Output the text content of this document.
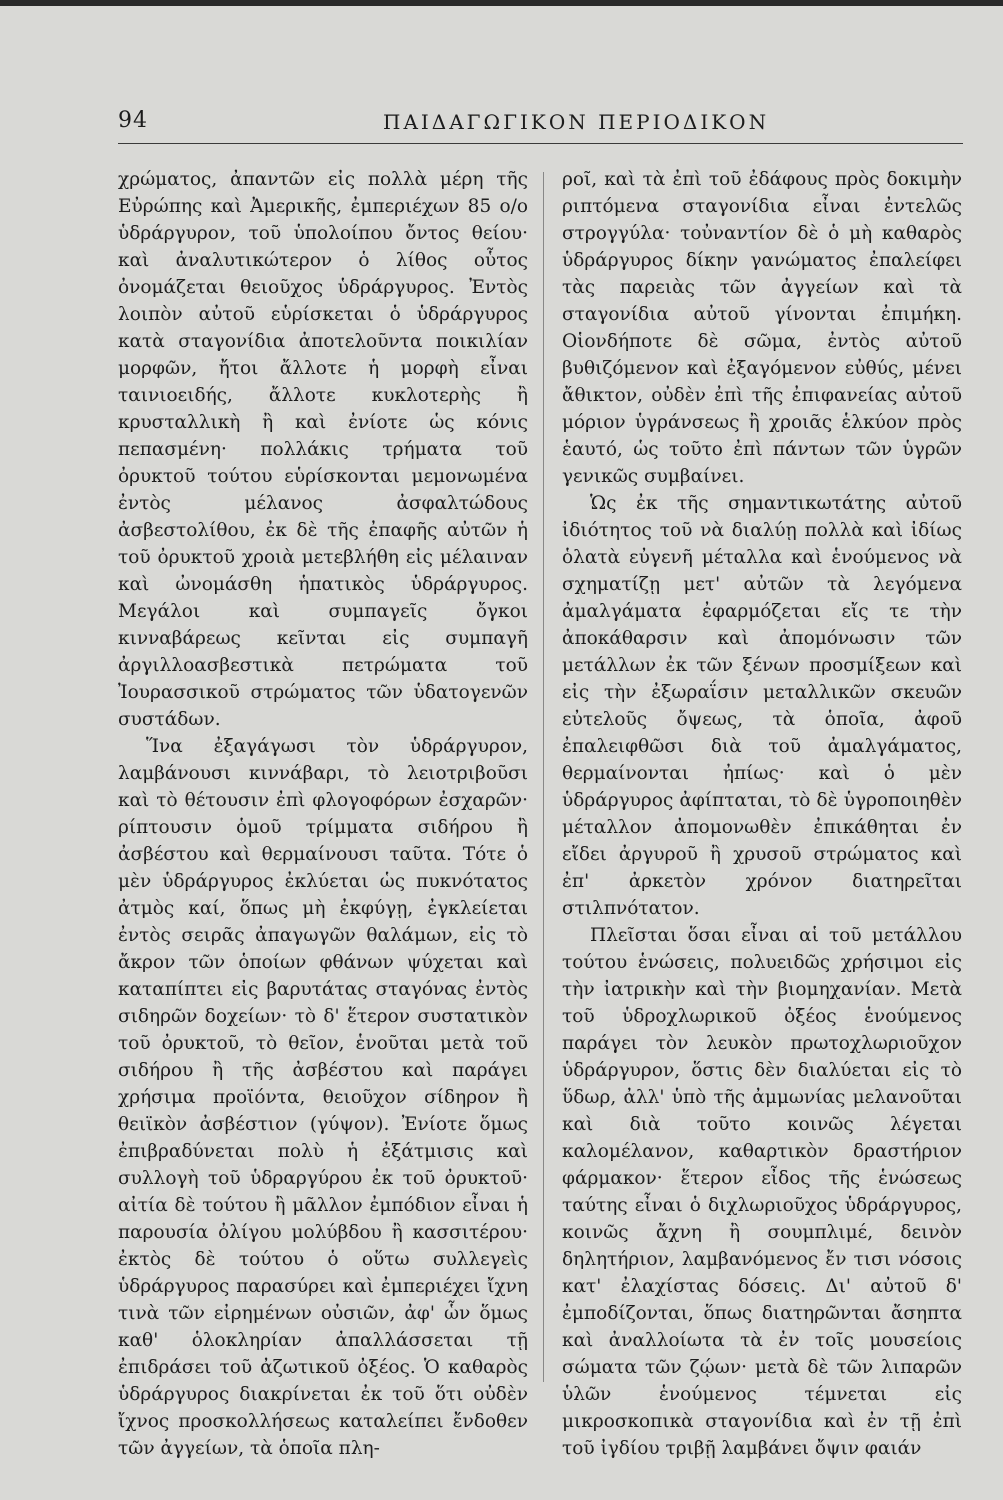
94	ΠΑΙΔΑΓΩΓΙΚΟΝ ΠΕΡΙΟΔΙΚΟΝ

χρώματος, ἀπαντῶν εἰς πολλὰ μέρη τῆς Εὐρώπης καὶ Ἀμερικῆς, ἐμπεριέχων 85 ο/ο ὑδράργυρον, τοῦ ὑπολοίπου ὄντος θείου· καὶ ἀναλυτικώτερον ὁ λίθος οὗτος ὀνομάζεται θειοῦχος ὑδράργυρος. Ἐντὸς λοιπὸν αὐτοῦ εὑρίσκεται ὁ ὑδράργυρος κατὰ σταγονίδια ἀποτελοῦντα ποικιλίαν μορφῶν, ἤτοι ἄλλοτε ἡ μορφὴ εἶναι ταινιοειδής, ἄλλοτε κυκλοτερὴς ἢ κρυσταλλικὴ ἢ καὶ ἐνίοτε ὡς κόνις πεπασμένη· πολλάκις τρήματα τοῦ ὀρυκτοῦ τούτου εὑρίσκονται μεμονωμένα ἐντὸς μέλανος ἀσφαλτώδους ἀσβεστολίθου, ἐκ δὲ τῆς ἐπαφῆς αὐτῶν ἡ τοῦ ὀρυκτοῦ χροιὰ μετεβλήθη εἰς μέλαιναν καὶ ὠνομάσθη ἡπατικὸς ὑδράργυρος. Μεγάλοι καὶ συμπαγεῖς ὄγκοι κινναβάρεως κεῖνται εἰς συμπαγῆ ἀργιλλοασβεστικὰ πετρώματα τοῦ Ἰουρασσικοῦ στρώματος τῶν ὑδατογενῶν συστάδων.

Ἵνα ἐξαγάγωσι τὸν ὑδράργυρον, λαμβάνουσι κιννάβαρι, τὸ λειοτριβοῦσι καὶ τὸ θέτουσιν ἐπὶ φλογοφόρων ἐσχαρῶν· ρίπτουσιν ὁμοῦ τρίμματα σιδήρου ἢ ἀσβέστου καὶ θερμαίνουσι ταῦτα. Τότε ὁ μὲν ὑδράργυρος ἐκλύεται ὡς πυκνότατος ἀτμὸς καί, ὅπως μὴ ἐκφύγῃ, ἐγκλείεται ἐντὸς σειρᾶς ἀπαγωγῶν θαλάμων, εἰς τὸ ἄκρον τῶν ὁποίων φθάνων ψύχεται καὶ καταπίπτει εἰς βαρυτάτας σταγόνας ἐντὸς σιδηρῶν δοχείων· τὸ δ' ἕτερον συστατικὸν τοῦ ὀρυκτοῦ, τὸ θεῖον, ἑνοῦται μετὰ τοῦ σιδήρου ἢ τῆς ἀσβέστου καὶ παράγει χρήσιμα προϊόντα, θειοῦχον σίδηρον ἢ θειϊκὸν ἀσβέστιον (γύψον). Ἐνίοτε ὅμως ἐπιβραδύνεται πολὺ ἡ ἐξάτμισις καὶ συλλογὴ τοῦ ὑδραργύρου ἐκ τοῦ ὀρυκτοῦ· αἰτία δὲ τούτου ἢ μᾶλλον ἐμπόδιον εἶναι ἡ παρουσία ὀλίγου μολύβδου ἢ κασσιτέρου· ἐκτὸς δὲ τούτου ὁ οὕτω συλλεγεὶς ὑδράργυρος παρασύρει καὶ ἐμπεριέχει ἴχνη τινὰ τῶν εἰρημένων οὐσιῶν, ἀφ' ὧν ὅμως καθ' ὁλοκληρίαν ἀπαλλάσσεται τῇ ἐπιδράσει τοῦ ἀζωτικοῦ ὀξέος. Ὁ καθαρὸς ὑδράργυρος διακρίνεται ἐκ τοῦ ὅτι οὐδὲν ἴχνος προσκολλήσεως καταλείπει ἔνδοθεν τῶν ἀγγείων, τὰ ὁποῖα πλη-

ροῖ, καὶ τὰ ἐπὶ τοῦ ἐδάφους πρὸς δοκιμὴν ριπτόμενα σταγονίδια εἶναι ἐντελῶς στρογγύλα· τοὐναντίον δὲ ὁ μὴ καθαρὸς ὑδράργυρος δίκην γανώματος ἐπαλείφει τὰς παρειὰς τῶν ἀγγείων καὶ τὰ σταγονίδια αὐτοῦ γίνονται ἐπιμήκη. Οἱονδήποτε δὲ σῶμα, ἐντὸς αὐτοῦ βυθιζόμενον καὶ ἐξαγόμενον εὐθύς, μένει ἄθικτον, οὐδὲν ἐπὶ τῆς ἐπιφανείας αὐτοῦ μόριον ὑγράνσεως ἢ χροιᾶς ἑλκύον πρὸς ἑαυτό, ὡς τοῦτο ἐπὶ πάντων τῶν ὑγρῶν γενικῶς συμβαίνει.

Ὡς ἐκ τῆς σημαντικωτάτης αὐτοῦ ἰδιότητος τοῦ νὰ διαλύῃ πολλὰ καὶ ἰδίως ὁλατὰ εὐγενῆ μέταλλα καὶ ἑνούμενος νὰ σχηματίζῃ μετ' αὐτῶν τὰ λεγόμενα ἀμαλγάματα ἐφαρμόζεται εἴς τε τὴν ἀποκάθαρσιν καὶ ἀπομόνωσιν τῶν μετάλλων ἐκ τῶν ξένων προσμίξεων καὶ εἰς τὴν ἐξωραΐσιν μεταλλικῶν σκευῶν εὐτελοῦς ὄψεως, τὰ ὁποῖα, ἀφοῦ ἐπαλειφθῶσι διὰ τοῦ ἀμαλγάματος, θερμαίνονται ἠπίως· καὶ ὁ μὲν ὑδράργυρος ἀφίπταται, τὸ δὲ ὑγροποιηθὲν μέταλλον ἀπομονωθὲν ἐπικάθηται ἐν εἴδει ἀργυροῦ ἢ χρυσοῦ στρώματος καὶ ἐπ' ἀρκετὸν χρόνον διατηρεῖται στιλπνότατον.

Πλεῖσται ὅσαι εἶναι αἱ τοῦ μετάλλου τούτου ἑνώσεις, πολυειδῶς χρήσιμοι εἰς τὴν ἰατρικὴν καὶ τὴν βιομηχανίαν. Μετὰ τοῦ ὑδροχλωρικοῦ ὀξέος ἑνούμενος παράγει τὸν λευκὸν πρωτοχλωριοῦχον ὑδράργυρον, ὅστις δὲν διαλύεται εἰς τὸ ὕδωρ, ἀλλ' ὑπὸ τῆς ἀμμωνίας μελανοῦται καὶ διὰ τοῦτο κοινῶς λέγεται καλομέλανον, καθαρτικὸν δραστήριον φάρμακον· ἕτερον εἶδος τῆς ἑνώσεως ταύτης εἶναι ὁ διχλωριοῦχος ὑδράργυρος, κοινῶς ἄχνη ἢ σουμπλιμέ, δεινὸν δηλητήριον, λαμβανόμενος ἔν τισι νόσοις κατ' ἐλαχίστας δόσεις. Δι' αὐτοῦ δ' ἐμποδίζονται, ὅπως διατηρῶνται ἄσηπτα καὶ ἀναλλοίωτα τὰ ἐν τοῖς μουσείοις σώματα τῶν ζῴων· μετὰ δὲ τῶν λιπαρῶν ὑλῶν ἑνούμενος τέμνεται εἰς μικροσκοπικὰ σταγονίδια καὶ ἐν τῇ ἐπὶ τοῦ ἰγδίου τριβῇ λαμβάνει ὄψιν φαιάν
